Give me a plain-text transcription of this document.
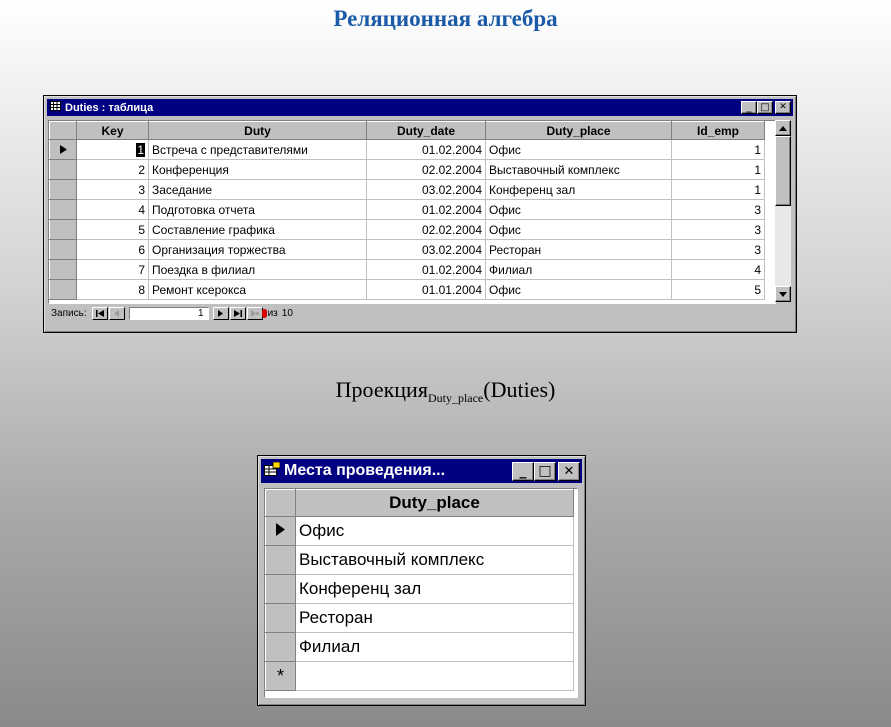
Реляционная алгебра
Duties : таблица	_ □	✕
	Key	Duty	Duty_date	Duty_place	Id_emp
	1	Встреча с представителями	01.02.2004	Офис	1
	2	Конференция	02.02.2004	Выставочный комплекс	1
	3	Заседание	03.02.2004	Конференц зал	1
	4	Подготовка отчета	01.02.2004	Офис	3
	5	Составление графика	02.02.2004	Офис	3
	6	Организация торжества	03.02.2004	Ресторан	3
	7	Поездка в филиал	01.02.2004	Филиал	4
	8	Ремонт ксерокса	01.01.2004	Офис	5
Запись:	1	из 10
Проекция$_{Duty\_place}$(Duties)
Места проведения...	_ □ ✕
	Duty_place
	Офис
	Выставочный комплекс
	Конференц зал
	Ресторан
	Филиал
*	
